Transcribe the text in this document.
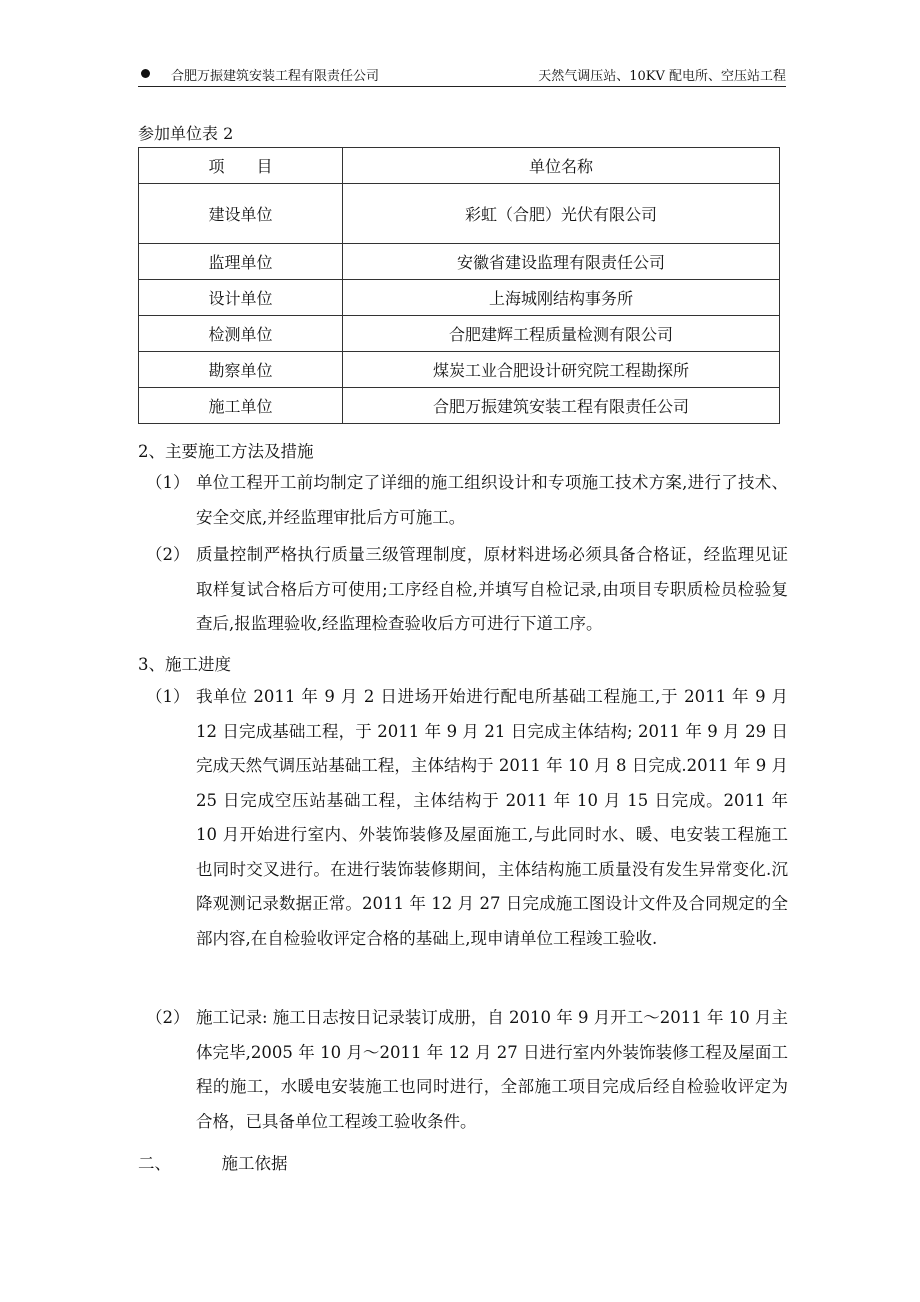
合肥万振建筑安装工程有限责任公司	天然气调压站、10KV 配电所、空压站工程
参加单位表 2
项　　目	单位名称
建设单位	彩虹（合肥）光伏有限公司
监理单位	安徽省建设监理有限责任公司
设计单位	上海城刚结构事务所
检测单位	合肥建辉工程质量检测有限公司
勘察单位	煤炭工业合肥设计研究院工程勘探所
施工单位	合肥万振建筑安装工程有限责任公司
2、主要施工方法及措施
（1） 单位工程开工前均制定了详细的施工组织设计和专项施工技术方案,进行了技术、安全交底,并经监理审批后方可施工。
（2） 质量控制严格执行质量三级管理制度，原材料进场必须具备合格证，经监理见证取样复试合格后方可使用;工序经自检,并填写自检记录,由项目专职质检员检验复查后,报监理验收,经监理检查验收后方可进行下道工序。
3、施工进度
（1） 我单位 2011 年 9 月 2 日进场开始进行配电所基础工程施工,于 2011 年 9 月 12 日完成基础工程，于 2011 年 9 月 21 日完成主体结构; 2011 年 9 月 29 日完成天然气调压站基础工程，主体结构于 2011 年 10 月 8 日完成.2011 年 9 月 25 日完成空压站基础工程，主体结构于 2011 年 10 月 15 日完成。2011 年 10 月开始进行室内、外装饰装修及屋面施工,与此同时水、暖、电安装工程施工也同时交叉进行。在进行装饰装修期间，主体结构施工质量没有发生异常变化.沉降观测记录数据正常。2011 年 12 月 27 日完成施工图设计文件及合同规定的全部内容,在自检验收评定合格的基础上,现申请单位工程竣工验收.
（2） 施工记录: 施工日志按日记录装订成册，自 2010 年 9 月开工～2011 年 10 月主体完毕,2005 年 10 月～2011 年 12 月 27 日进行室内外装饰装修工程及屋面工程的施工，水暖电安装施工也同时进行，全部施工项目完成后经自检验收评定为合格，已具备单位工程竣工验收条件。
二、	施工依据
